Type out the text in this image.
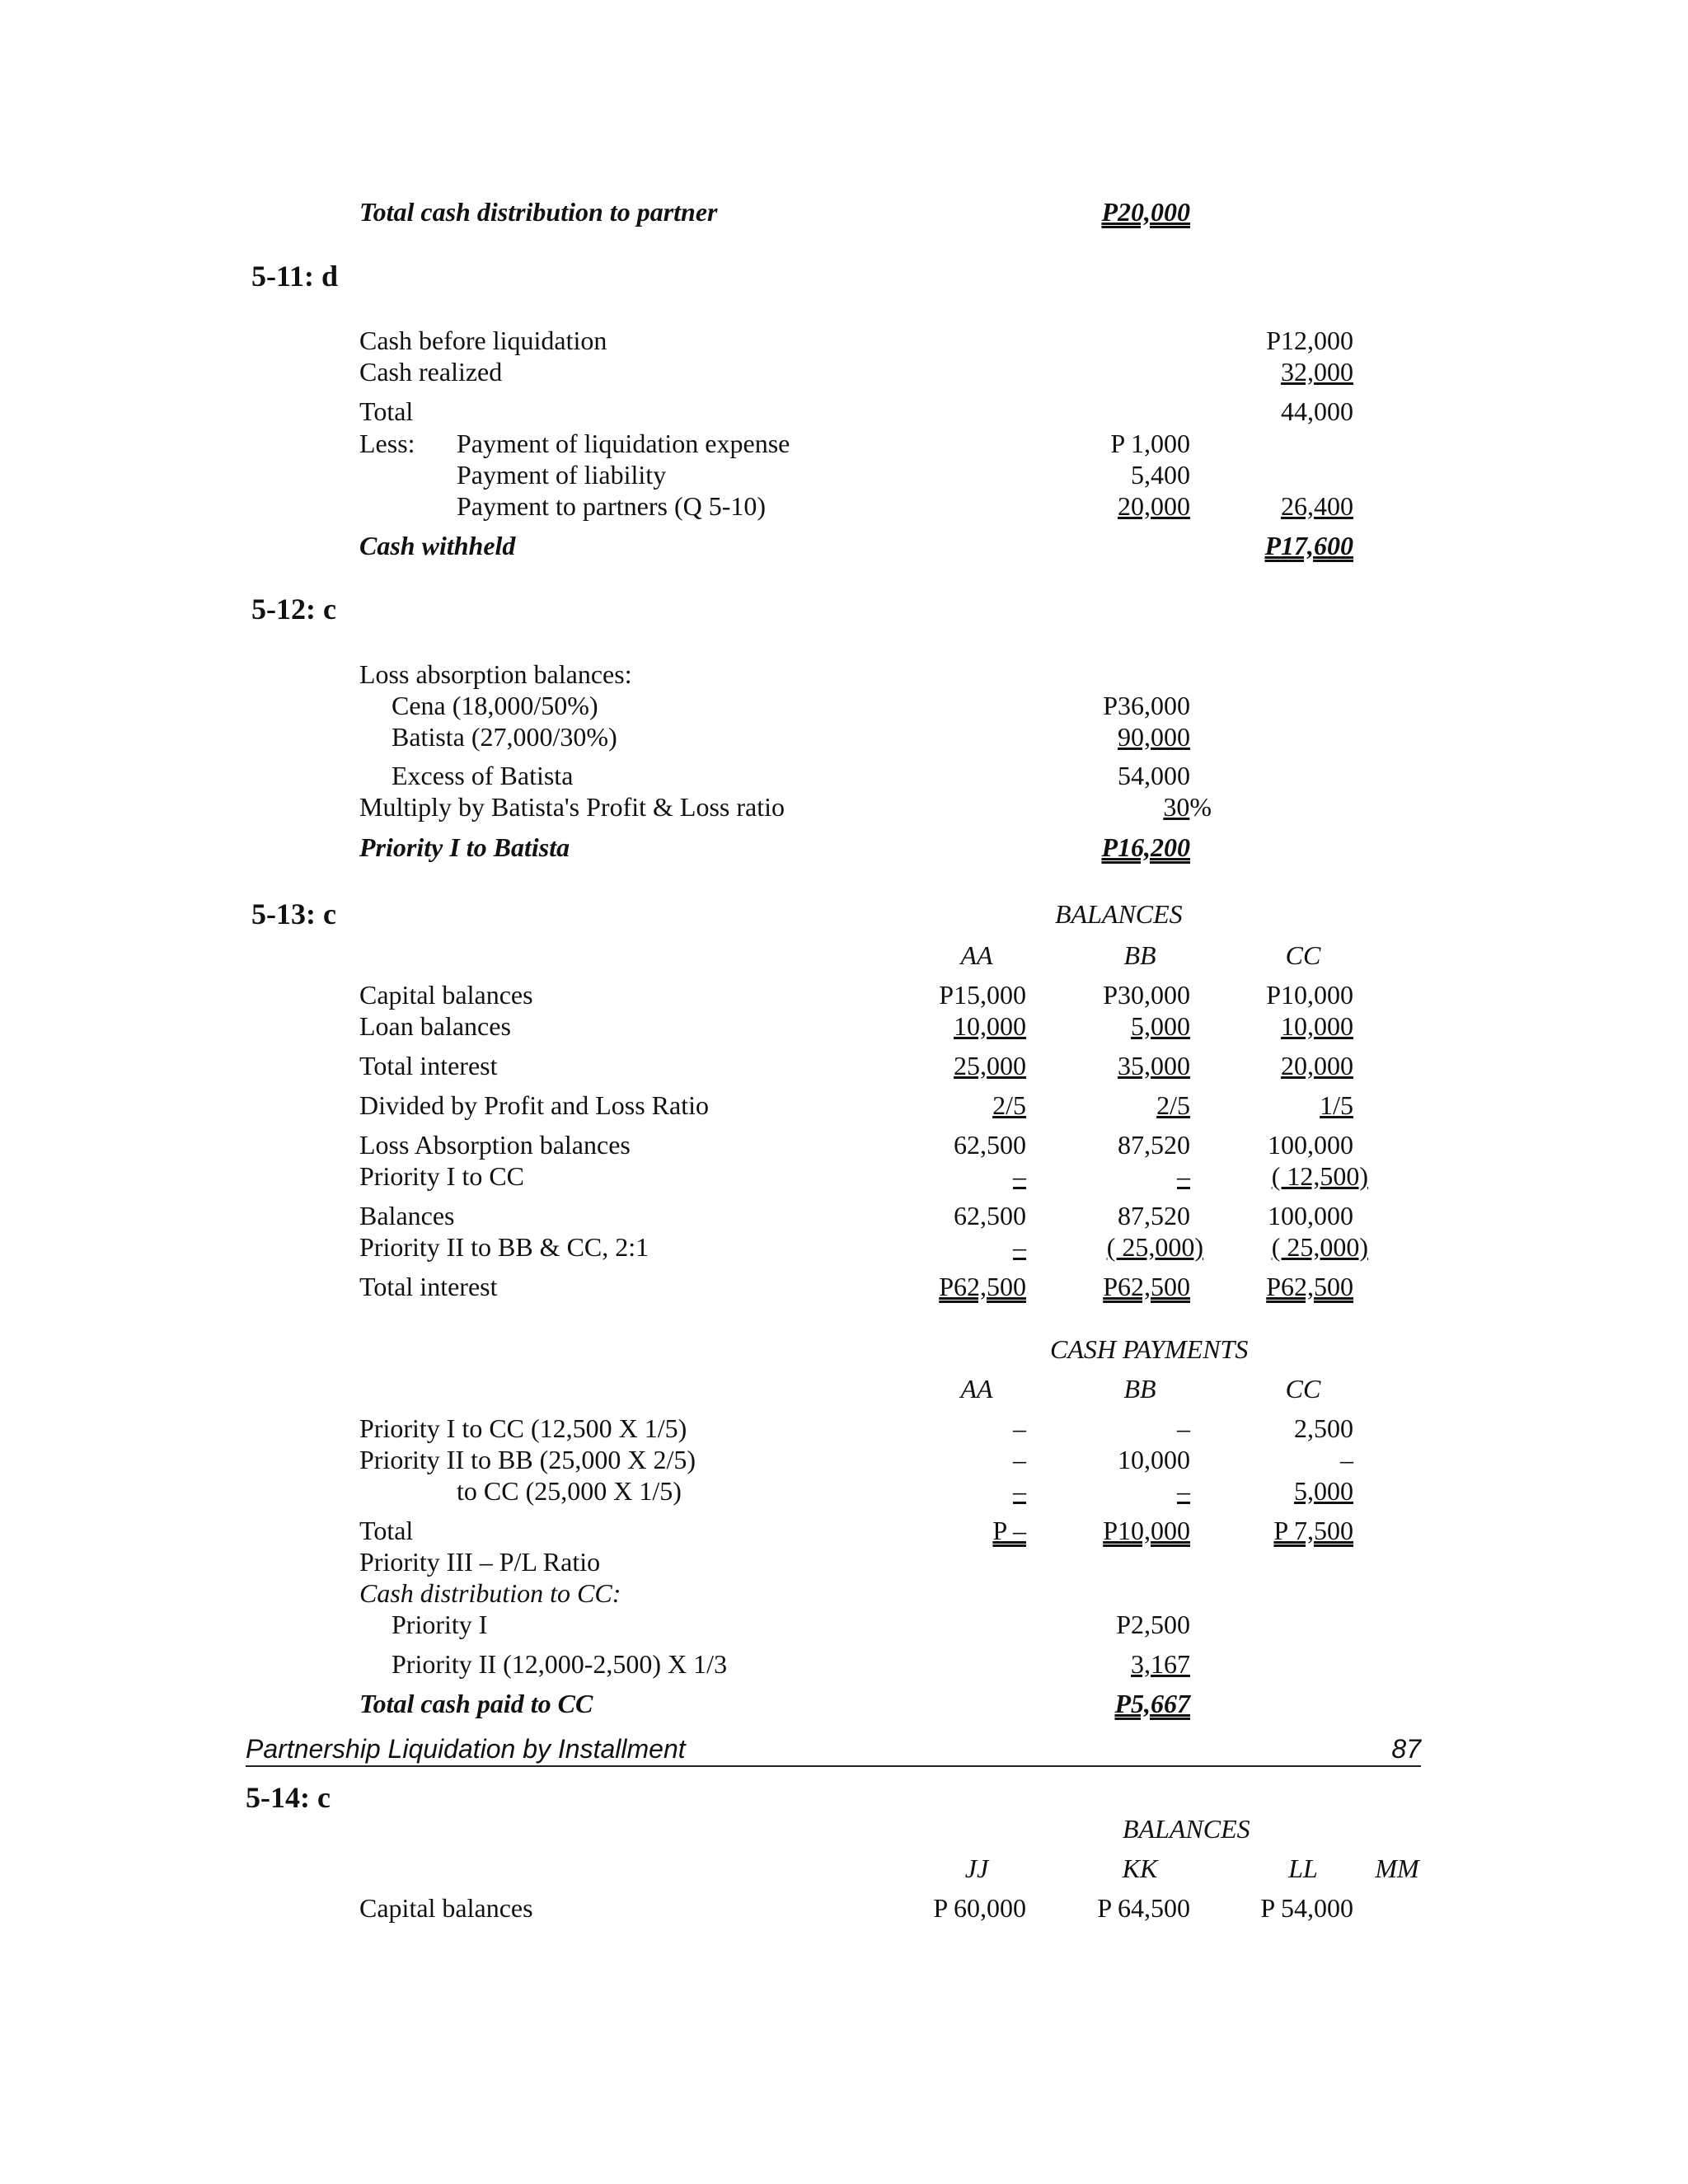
Total cash distribution to partner	P20,000
5-11: d
Cash before liquidation	P12,000
Cash realized	32,000
Total	44,000
Less: Payment of liquidation expense	P 1,000
Payment of liability	5,400
Payment to partners (Q 5-10)	20,000	26,400
Cash withheld	P17,600
5-12: c
Loss absorption balances:
Cena (18,000/50%)	P36,000
Batista (27,000/30%)	90,000
Excess of Batista	54,000
Multiply by Batista's Profit & Loss ratio	30%
Priority I to Batista	P16,200
5-13: c	BALANCES
AA	BB	CC
Capital balances	P15,000	P30,000	P10,000
Loan balances	10,000	5,000	10,000
Total interest	25,000	35,000	20,000
Divided by Profit and Loss Ratio	2/5	2/5	1/5
Loss Absorption balances	62,500	87,520	100,000
Priority I to CC	–	–	( 12,500)
Balances	62,500	87,520	100,000
Priority II to BB & CC, 2:1	–	( 25,000)	( 25,000)
Total interest	P62,500	P62,500	P62,500
CASH PAYMENTS
AA	BB	CC
Priority I to CC (12,500 X 1/5)	–	–	2,500
Priority II to BB (25,000 X 2/5)	–	10,000	–
to CC (25,000 X 1/5)	–	–	5,000
Total	P –	P10,000	P 7,500
Priority III – P/L Ratio
Cash distribution to CC:
Priority I	P2,500
Priority II (12,000-2,500) X 1/3	3,167
Total cash paid to CC	P5,667
Partnership Liquidation by Installment	87
5-14: c
BALANCES
JJ	KK	LL	MM
Capital balances	P 60,000	P 64,500	P 54,000
